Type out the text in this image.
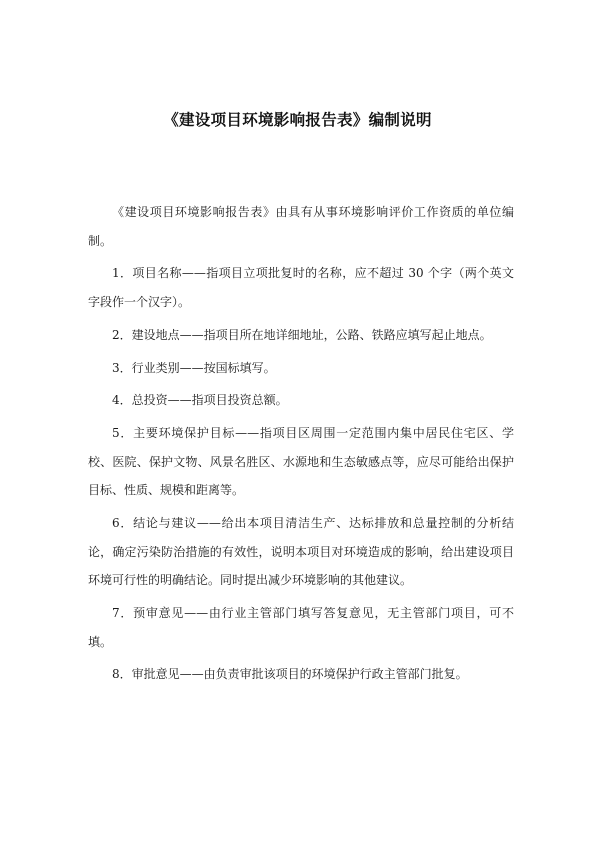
《建设项目环境影响报告表》编制说明

《建设项目环境影响报告表》由具有从事环境影响评价工作资质的单位编制。

1．项目名称——指项目立项批复时的名称，应不超过 30 个字（两个英文字段作一个汉字）。

2．建设地点——指项目所在地详细地址，公路、铁路应填写起止地点。

3．行业类别——按国标填写。

4．总投资——指项目投资总额。

5．主要环境保护目标——指项目区周围一定范围内集中居民住宅区、学校、医院、保护文物、风景名胜区、水源地和生态敏感点等，应尽可能给出保护目标、性质、规模和距离等。

6．结论与建议——给出本项目清洁生产、达标排放和总量控制的分析结论，确定污染防治措施的有效性，说明本项目对环境造成的影响，给出建设项目环境可行性的明确结论。同时提出减少环境影响的其他建议。

7．预审意见——由行业主管部门填写答复意见，无主管部门项目，可不填。

8．审批意见——由负责审批该项目的环境保护行政主管部门批复。
